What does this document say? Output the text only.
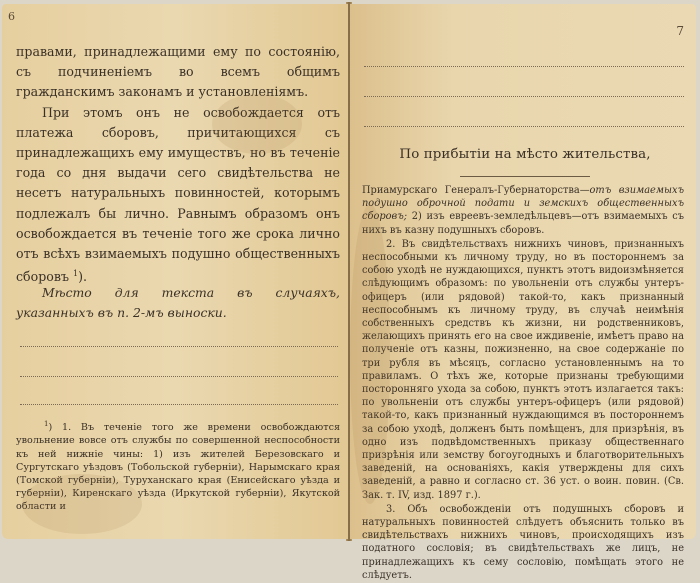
6

правами, принадлежащими ему по состоянію, съ подчиненіемъ во всемъ общимъ гражданскимъ законамъ и установленіямъ.

При этомъ онъ не освобождается отъ платежа сборовъ, причитающихся съ принадлежащихъ ему имуществъ, но въ теченіе года со дня выдачи сего свидѣтельства не несетъ натуральныхъ повинностей, которымъ подлежалъ бы лично. Равнымъ образомъ онъ освобождается въ теченіе того же срока лично отъ всѣхъ взимаемыхъ подушно общественныхъ сборовъ $^1$).

Мѣсто для текста въ случаяхъ, указанныхъ въ п. 2-мъ выноски.
$^1$) 1. Въ теченіе того же времени освобождаются увольнение вовсе отъ службы по совершенной неспособности къ ней нижніе чины: 1) изъ жителей Березовскаго и Сургутскаго уѣздовъ (Тобольской губерніи), Нарымскаго края (Томской губерніи), Туруханскаго края (Енисейскаго уѣзда и губерніи), Киренскаго уѣзда (Иркутской губерніи), Якутской области и
7
По прибытіи на мѣсто жительства,

Приамурскаго Генералъ-Губернаторства—отъ взимаемыхъ подушно оброчной подати и земскихъ общественныхъ сборовъ; 2) изъ евреевъ-земледѣльцевъ—отъ взимаемыхъ съ нихъ въ казну подушныхъ сборовъ.

2. Въ свидѣтельствахъ нижнихъ чиновъ, признанныхъ неспособными къ личному труду, но въ постороннемъ за собою уходѣ не нуждающихся, пунктъ этотъ видоизмѣняется слѣдующимъ образомъ: по увольненіи отъ службы унтеръ-офицеръ (или рядовой) такой-то, какъ признанный неспособнымъ къ личному труду, въ случаѣ неимѣнія собственныхъ средствъ къ жизни, ни родственниковъ, желающихъ принять его на свое иждивеніе, имѣетъ право на полученіе отъ казны, пожизненно, на свое содержаніе по три рубля въ мѣсяцъ, согласно установленнымъ на то правиламъ. О тѣхъ же, которые признаны требующими посторонняго ухода за собою, пунктъ этотъ излагается такъ: по увольненіи отъ службы унтеръ-офицеръ (или рядовой) такой-то, какъ признанный нуждающимся въ постороннемъ за собою уходѣ, долженъ быть помѣщенъ, для призрѣнія, въ одно изъ подвѣдомственныхъ приказу общественнаго призрѣнія или земству богоугодныхъ и благотворительныхъ заведеній, на основаніяхъ, какія утверждены для сихъ заведеній, а равно и согласно ст. 36 уст. о воин. повин. (Св. Зак. т. IV, изд. 1897 г.).

3. Объ освобожденіи отъ подушныхъ сборовъ и натуральныхъ повинностей слѣдуетъ объяснить только въ свидѣтельствахъ нижнихъ чиновъ, происходящихъ изъ податного сословія; въ свидѣтельствахъ же лицъ, не принадлежащихъ къ сему сословію, помѣщать этого не слѣдуетъ.
